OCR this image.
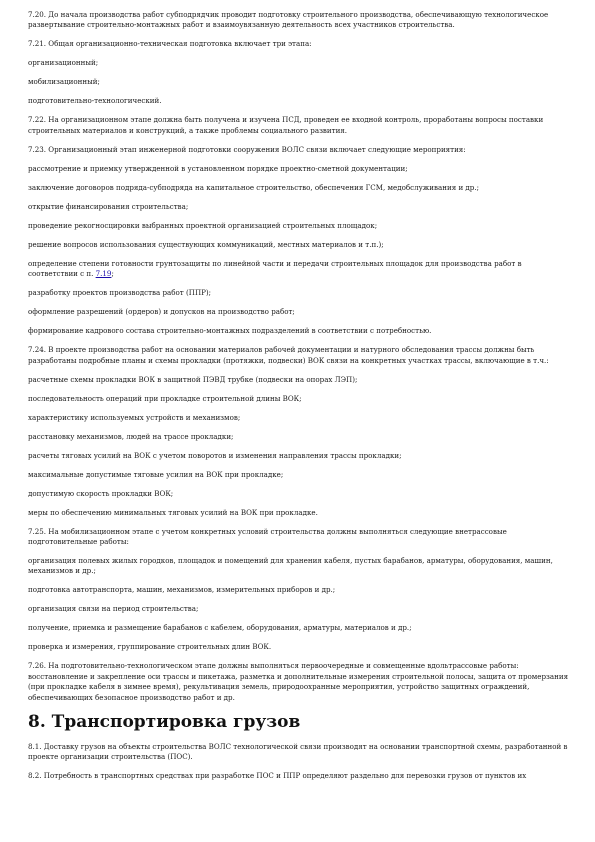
7.20. До начала производства работ субподрядчик проводит подготовку строительного производства, обеспечивающую технологическое развертывание строительно-монтажных работ и взаимоувязанную деятельность всех участников строительства.
7.21. Общая организационно-техническая подготовка включает три этапа:
организационный;
мобилизационный;
подготовительно-технологический.
7.22. На организационном этапе должна быть получена и изучена ПСД, проведен ее входной контроль, проработаны вопросы поставки строительных материалов и конструкций, а также проблемы социального развития.
7.23. Организационный этап инженерной подготовки сооружения ВОЛС связи включает следующие мероприятия:
рассмотрение и приемку утвержденной в установленном порядке проектно-сметной документации;
заключение договоров подряда-субподряда на капитальное строительство, обеспечения ГСМ, медобслуживания и др.;
открытие финансирования строительства;
проведение рекогносцировки выбранных проектной организацией строительных площадок;
решение вопросов использования существующих коммуникаций, местных материалов и т.п.);
определение степени готовности грунтозащиты по линейной части и передачи строительных площадок для производства работ в соответствии с п. 7.19;
разработку проектов производства работ (ППР);
оформление разрешений (ордеров) и допусков на производство работ;
формирование кадрового состава строительно-монтажных подразделений в соответствии с потребностью.
7.24. В проекте производства работ на основании материалов рабочей документации и натурного обследования трассы должны быть разработаны подробные планы и схемы прокладки (протяжки, подвески) ВОК связи на конкретных участках трассы, включающие в т.ч.:
расчетные схемы прокладки ВОК в защитной ПЭВД трубке (подвески на опорах ЛЭП);
последовательность операций при прокладке строительной длины ВОК;
характеристику используемых устройств и механизмов;
расстановку механизмов, людей на трассе прокладки;
расчеты тяговых усилий на ВОК с учетом поворотов и изменения направления трассы прокладки;
максимальные допустимые тяговые усилия на ВОК при прокладке;
допустимую скорость прокладки ВОК;
меры по обеспечению минимальных тяговых усилий на ВОК при прокладке.
7.25. На мобилизационном этапе с учетом конкретных условий строительства должны выполняться следующие внетрассовые подготовительные работы:
организация полевых жилых городков, площадок и помещений для хранения кабеля, пустых барабанов, арматуры, оборудования, машин, механизмов и др.;
подготовка автотранспорта, машин, механизмов, измерительных приборов и др.;
организация связи на период строительства;
получение, приемка и размещение барабанов с кабелем, оборудования, арматуры, материалов и др.;
проверка и измерения, группирование строительных длин ВОК.
7.26. На подготовительно-технологическом этапе должны выполняться первоочередные и совмещенные вдольтрассовые работы: восстановление и закрепление оси трассы и пикетажа, разметка и дополнительные измерения строительной полосы, защита от промерзания (при прокладке кабеля в зимнее время), рекультивация земель, природоохранные мероприятия, устройство защитных ограждений, обеспечивающих безопасное производство работ и др.
8. Транспортировка грузов
8.1. Доставку грузов на объекты строительства ВОЛС технологической связи производят на основании транспортной схемы, разработанной в проекте организации строительства (ПОС).
8.2. Потребность в транспортных средствах при разработке ПОС и ППР определяют раздельно для перевозки грузов от пунктов их
